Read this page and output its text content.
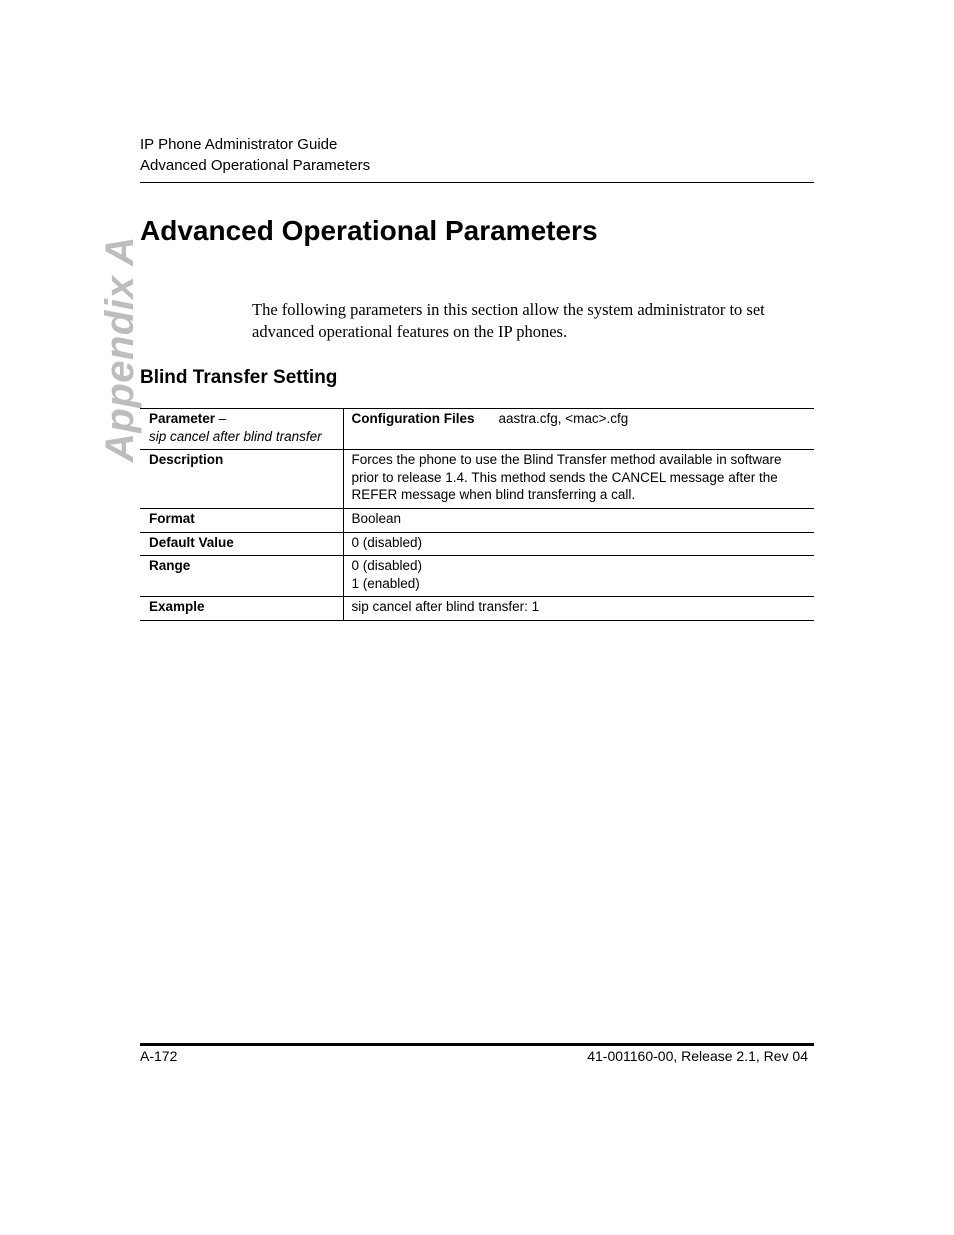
IP Phone Administrator Guide
Advanced Operational Parameters
Appendix A
Advanced Operational Parameters

The following parameters in this section allow the system administrator to set advanced operational features on the IP phones.

Blind Transfer Setting
Parameter –
sip cancel after blind transfer	Configuration Files aastra.cfg, <mac>.cfg
Description	Forces the phone to use the Blind Transfer method available in software prior to release 1.4. This method sends the CANCEL message after the REFER message when blind transferring a call.
Format	Boolean
Default Value	0 (disabled)
Range	0 (disabled)
1 (enabled)
Example	sip cancel after blind transfer: 1
A-172	41-001160-00, Release 2.1, Rev 04
